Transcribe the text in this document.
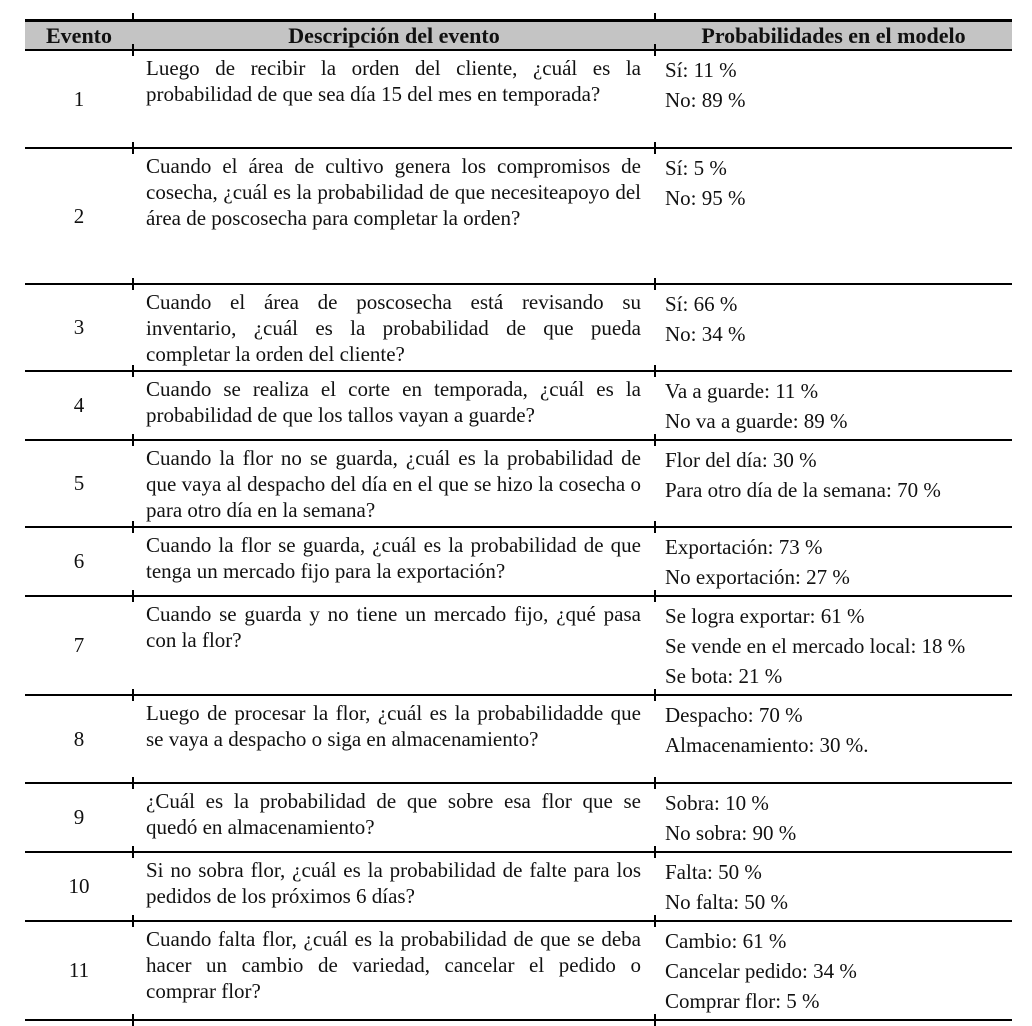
Evento	Descripción del evento	Probabilidades en el modelo
1
Luego de recibir la orden del cliente, ¿cuál es la probabilidad de que sea día 15 del mes en temporada?
Sí: 11 %
No: 89 %
2
Cuando el área de cultivo genera los compromisos de cosecha, ¿cuál es la probabilidad de que necesiteapoyo del área de poscosecha para completar la orden?
Sí: 5 %
No: 95 %
3
Cuando el área de poscosecha está revisando su inventario, ¿cuál es la probabilidad de que pueda completar la orden del cliente?
Sí: 66 %
No: 34 %
4
Cuando se realiza el corte en temporada, ¿cuál es la probabilidad de que los tallos vayan a guarde?
Va a guarde: 11 %
No va a guarde: 89 %
5
Cuando la flor no se guarda, ¿cuál es la probabilidad de que vaya al despacho del día en el que se hizo la cosecha o para otro día en la semana?
Flor del día: 30 %
Para otro día de la semana: 70 %
6
Cuando la flor se guarda, ¿cuál es la probabilidad de que tenga un mercado fijo para la exportación?
Exportación: 73 %
No exportación: 27 %
7
Cuando se guarda y no tiene un mercado fijo, ¿qué pasa con la flor?
Se logra exportar: 61 %
Se vende en el mercado local: 18 %
Se bota: 21 %
8
Luego de procesar la flor, ¿cuál es la probabilidadde que se vaya a despacho o siga en almacenamiento?
Despacho: 70 %
Almacenamiento: 30 %.
9
¿Cuál es la probabilidad de que sobre esa flor que se quedó en almacenamiento?
Sobra: 10 %
No sobra: 90 %
10
Si no sobra flor, ¿cuál es la probabilidad de falte para los pedidos de los próximos 6 días?
Falta: 50 %
No falta: 50 %
11
Cuando falta flor, ¿cuál es la probabilidad de que se deba hacer un cambio de variedad, cancelar el pedido o comprar flor?
Cambio: 61 %
Cancelar pedido: 34 %
Comprar flor: 5 %
